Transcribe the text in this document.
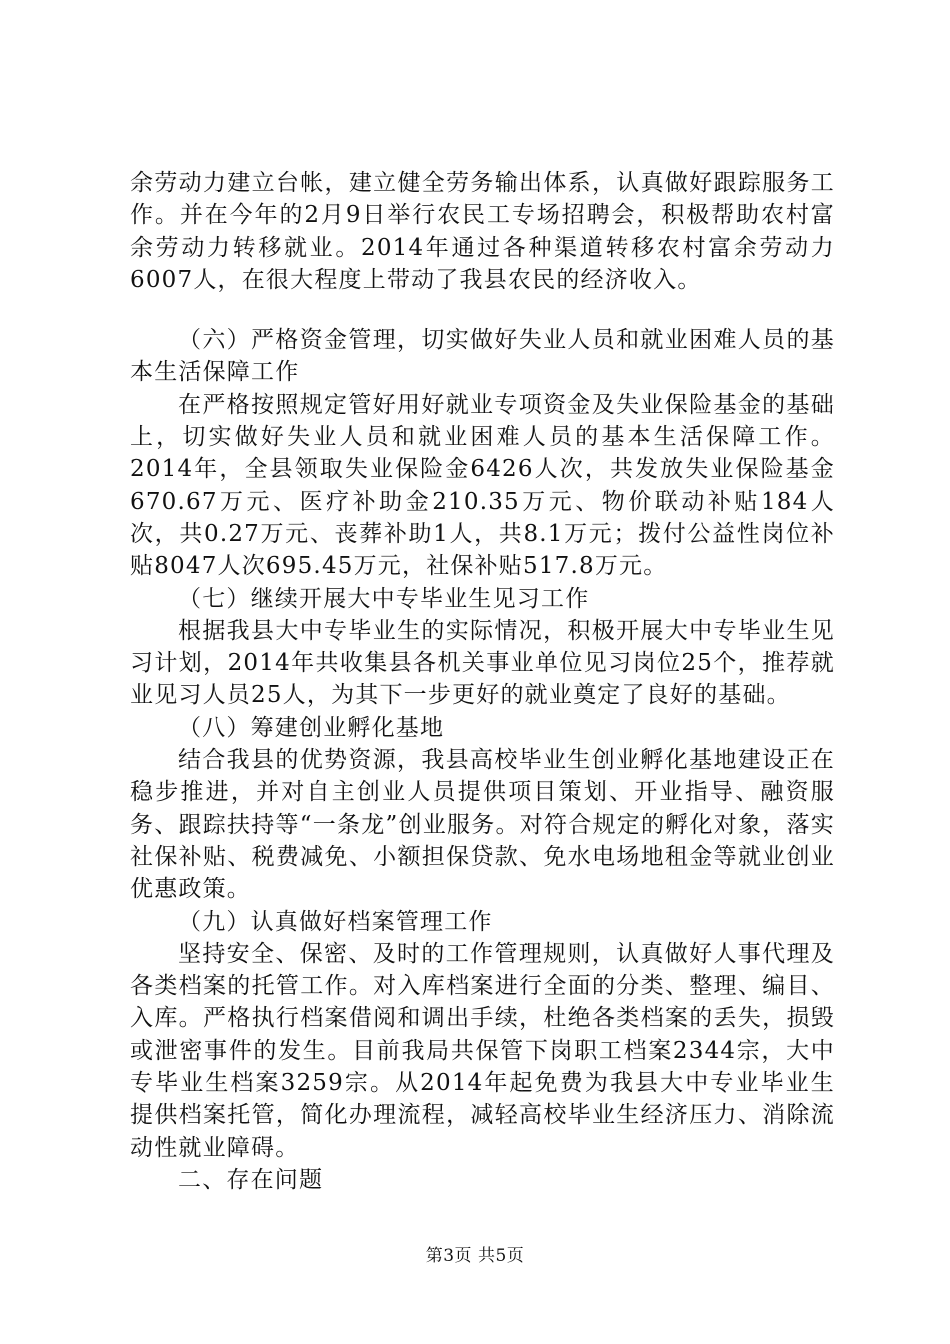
余劳动力建立台帐，建立健全劳务输出体系，认真做好跟踪服务工作。并在今年的2月9日举行农民工专场招聘会，积极帮助农村富余劳动力转移就业。2014年通过各种渠道转移农村富余劳动力6007人，在很大程度上带动了我县农民的经济收入。

（六）严格资金管理，切实做好失业人员和就业困难人员的基本生活保障工作

在严格按照规定管好用好就业专项资金及失业保险基金的基础上，切实做好失业人员和就业困难人员的基本生活保障工作。2014年，全县领取失业保险金6426人次，共发放失业保险基金670.67万元、医疗补助金210.35万元、物价联动补贴184人次，共0.27万元、丧葬补助1人，共8.1万元；拨付公益性岗位补贴8047人次695.45万元，社保补贴517.8万元。

（七）继续开展大中专毕业生见习工作

根据我县大中专毕业生的实际情况，积极开展大中专毕业生见习计划，2014年共收集县各机关事业单位见习岗位25个，推荐就业见习人员25人，为其下一步更好的就业奠定了良好的基础。

（八）筹建创业孵化基地

结合我县的优势资源，我县高校毕业生创业孵化基地建设正在稳步推进，并对自主创业人员提供项目策划、开业指导、融资服务、跟踪扶持等“一条龙”创业服务。对符合规定的孵化对象，落实社保补贴、税费减免、小额担保贷款、免水电场地租金等就业创业优惠政策。

（九）认真做好档案管理工作

坚持安全、保密、及时的工作管理规则，认真做好人事代理及各类档案的托管工作。对入库档案进行全面的分类、整理、编目、入库。严格执行档案借阅和调出手续，杜绝各类档案的丢失，损毁或泄密事件的发生。目前我局共保管下岗职工档案2344宗，大中专毕业生档案3259宗。从2014年起免费为我县大中专业毕业生提供档案托管，简化办理流程，减轻高校毕业生经济压力、消除流动性就业障碍。

二、存在问题

第3页 共5页
